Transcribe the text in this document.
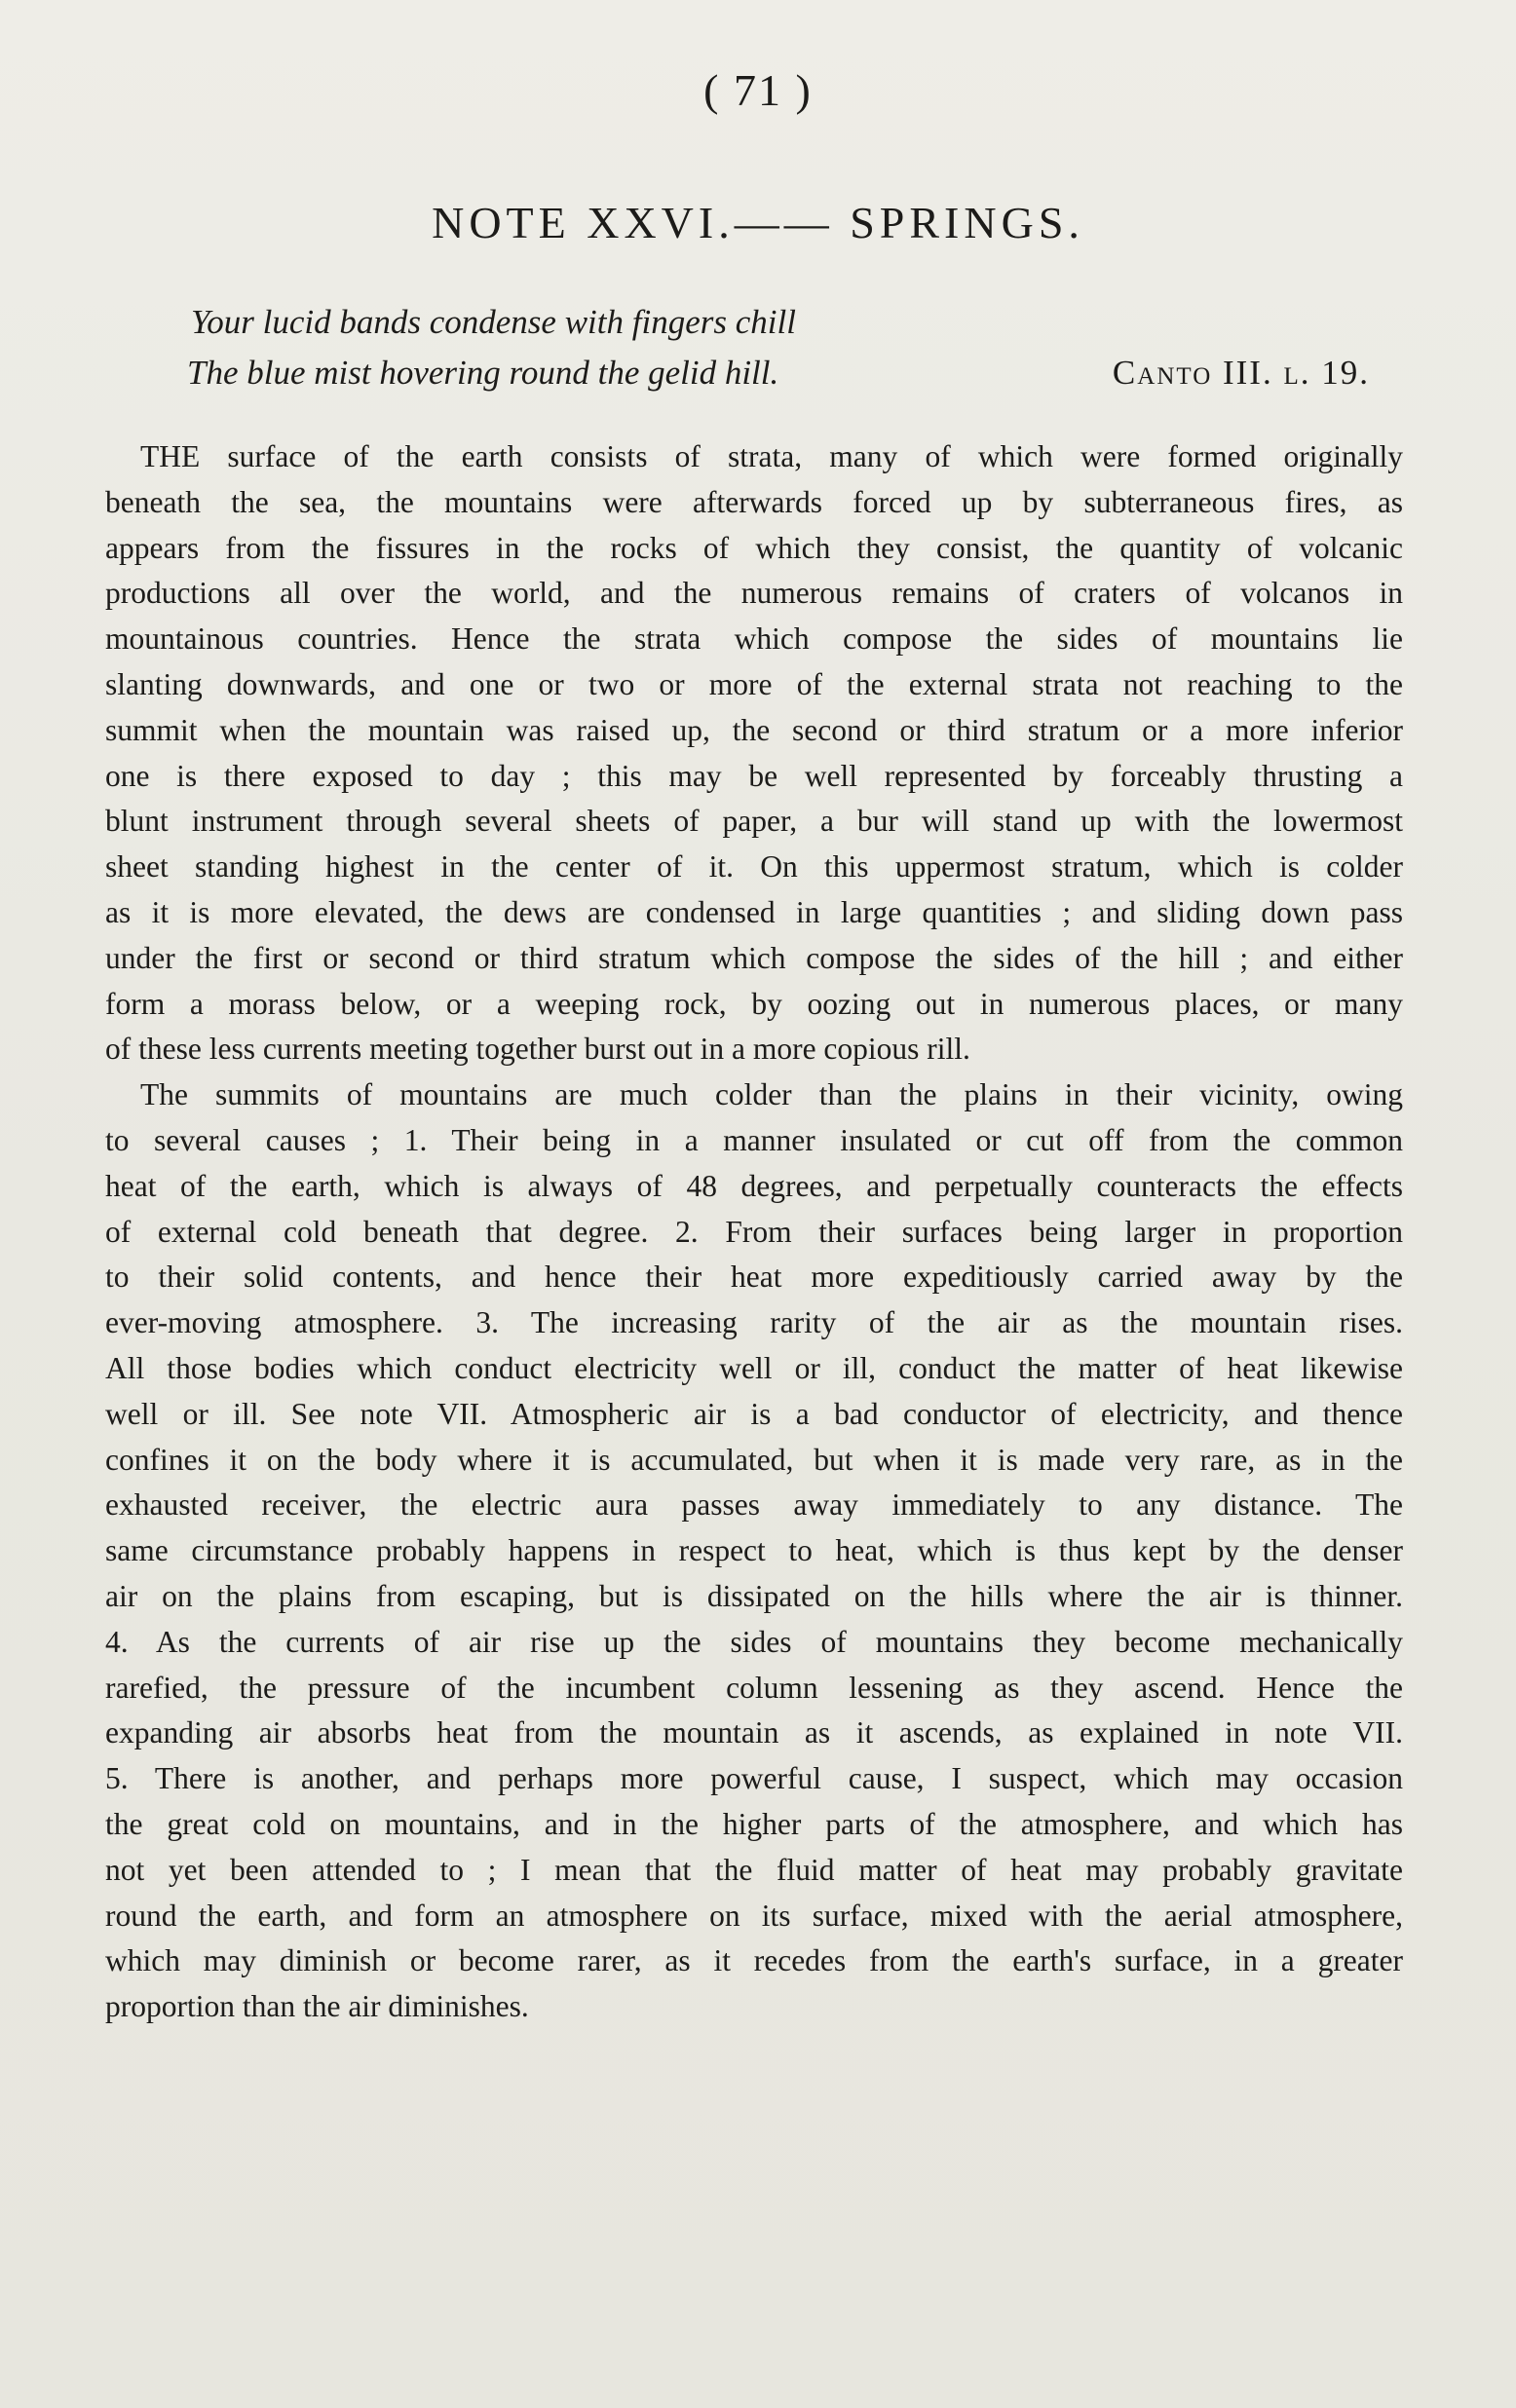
( 71 )
NOTE XXVI.—— SPRINGS.
Your lucid bands condense with fingers chill
The blue mist hovering round the gelid hill.	Canto III. l. 19.
THE surface of the earth consists of strata, many of which were formed originally
beneath the sea, the mountains were afterwards forced up by subterraneous fires, as
appears from the fissures in the rocks of which they consist, the quantity of volcanic
productions all over the world, and the numerous remains of craters of volcanos in
mountainous countries. Hence the strata which compose the sides of mountains lie
slanting downwards, and one or two or more of the external strata not reaching to the
summit when the mountain was raised up, the second or third stratum or a more inferior
one is there exposed to day ; this may be well represented by forceably thrusting a
blunt instrument through several sheets of paper, a bur will stand up with the lowermost
sheet standing highest in the center of it. On this uppermost stratum, which is colder
as it is more elevated, the dews are condensed in large quantities ; and sliding down pass
under the first or second or third stratum which compose the sides of the hill ; and either
form a morass below, or a weeping rock, by oozing out in numerous places, or many
of these less currents meeting together burst out in a more copious rill.
The summits of mountains are much colder than the plains in their vicinity, owing
to several causes ; 1. Their being in a manner insulated or cut off from the common
heat of the earth, which is always of 48 degrees, and perpetually counteracts the effects
of external cold beneath that degree. 2. From their surfaces being larger in proportion
to their solid contents, and hence their heat more expeditiously carried away by the
ever-moving atmosphere. 3. The increasing rarity of the air as the mountain rises.
All those bodies which conduct electricity well or ill, conduct the matter of heat likewise
well or ill. See note VII. Atmospheric air is a bad conductor of electricity, and thence
confines it on the body where it is accumulated, but when it is made very rare, as in the
exhausted receiver, the electric aura passes away immediately to any distance. The
same circumstance probably happens in respect to heat, which is thus kept by the denser
air on the plains from escaping, but is dissipated on the hills where the air is thinner.
4. As the currents of air rise up the sides of mountains they become mechanically
rarefied, the pressure of the incumbent column lessening as they ascend. Hence the
expanding air absorbs heat from the mountain as it ascends, as explained in note VII.
5. There is another, and perhaps more powerful cause, I suspect, which may occasion
the great cold on mountains, and in the higher parts of the atmosphere, and which has
not yet been attended to ; I mean that the fluid matter of heat may probably gravitate
round the earth, and form an atmosphere on its surface, mixed with the aerial atmosphere,
which may diminish or become rarer, as it recedes from the earth's surface, in a greater
proportion than the air diminishes.
